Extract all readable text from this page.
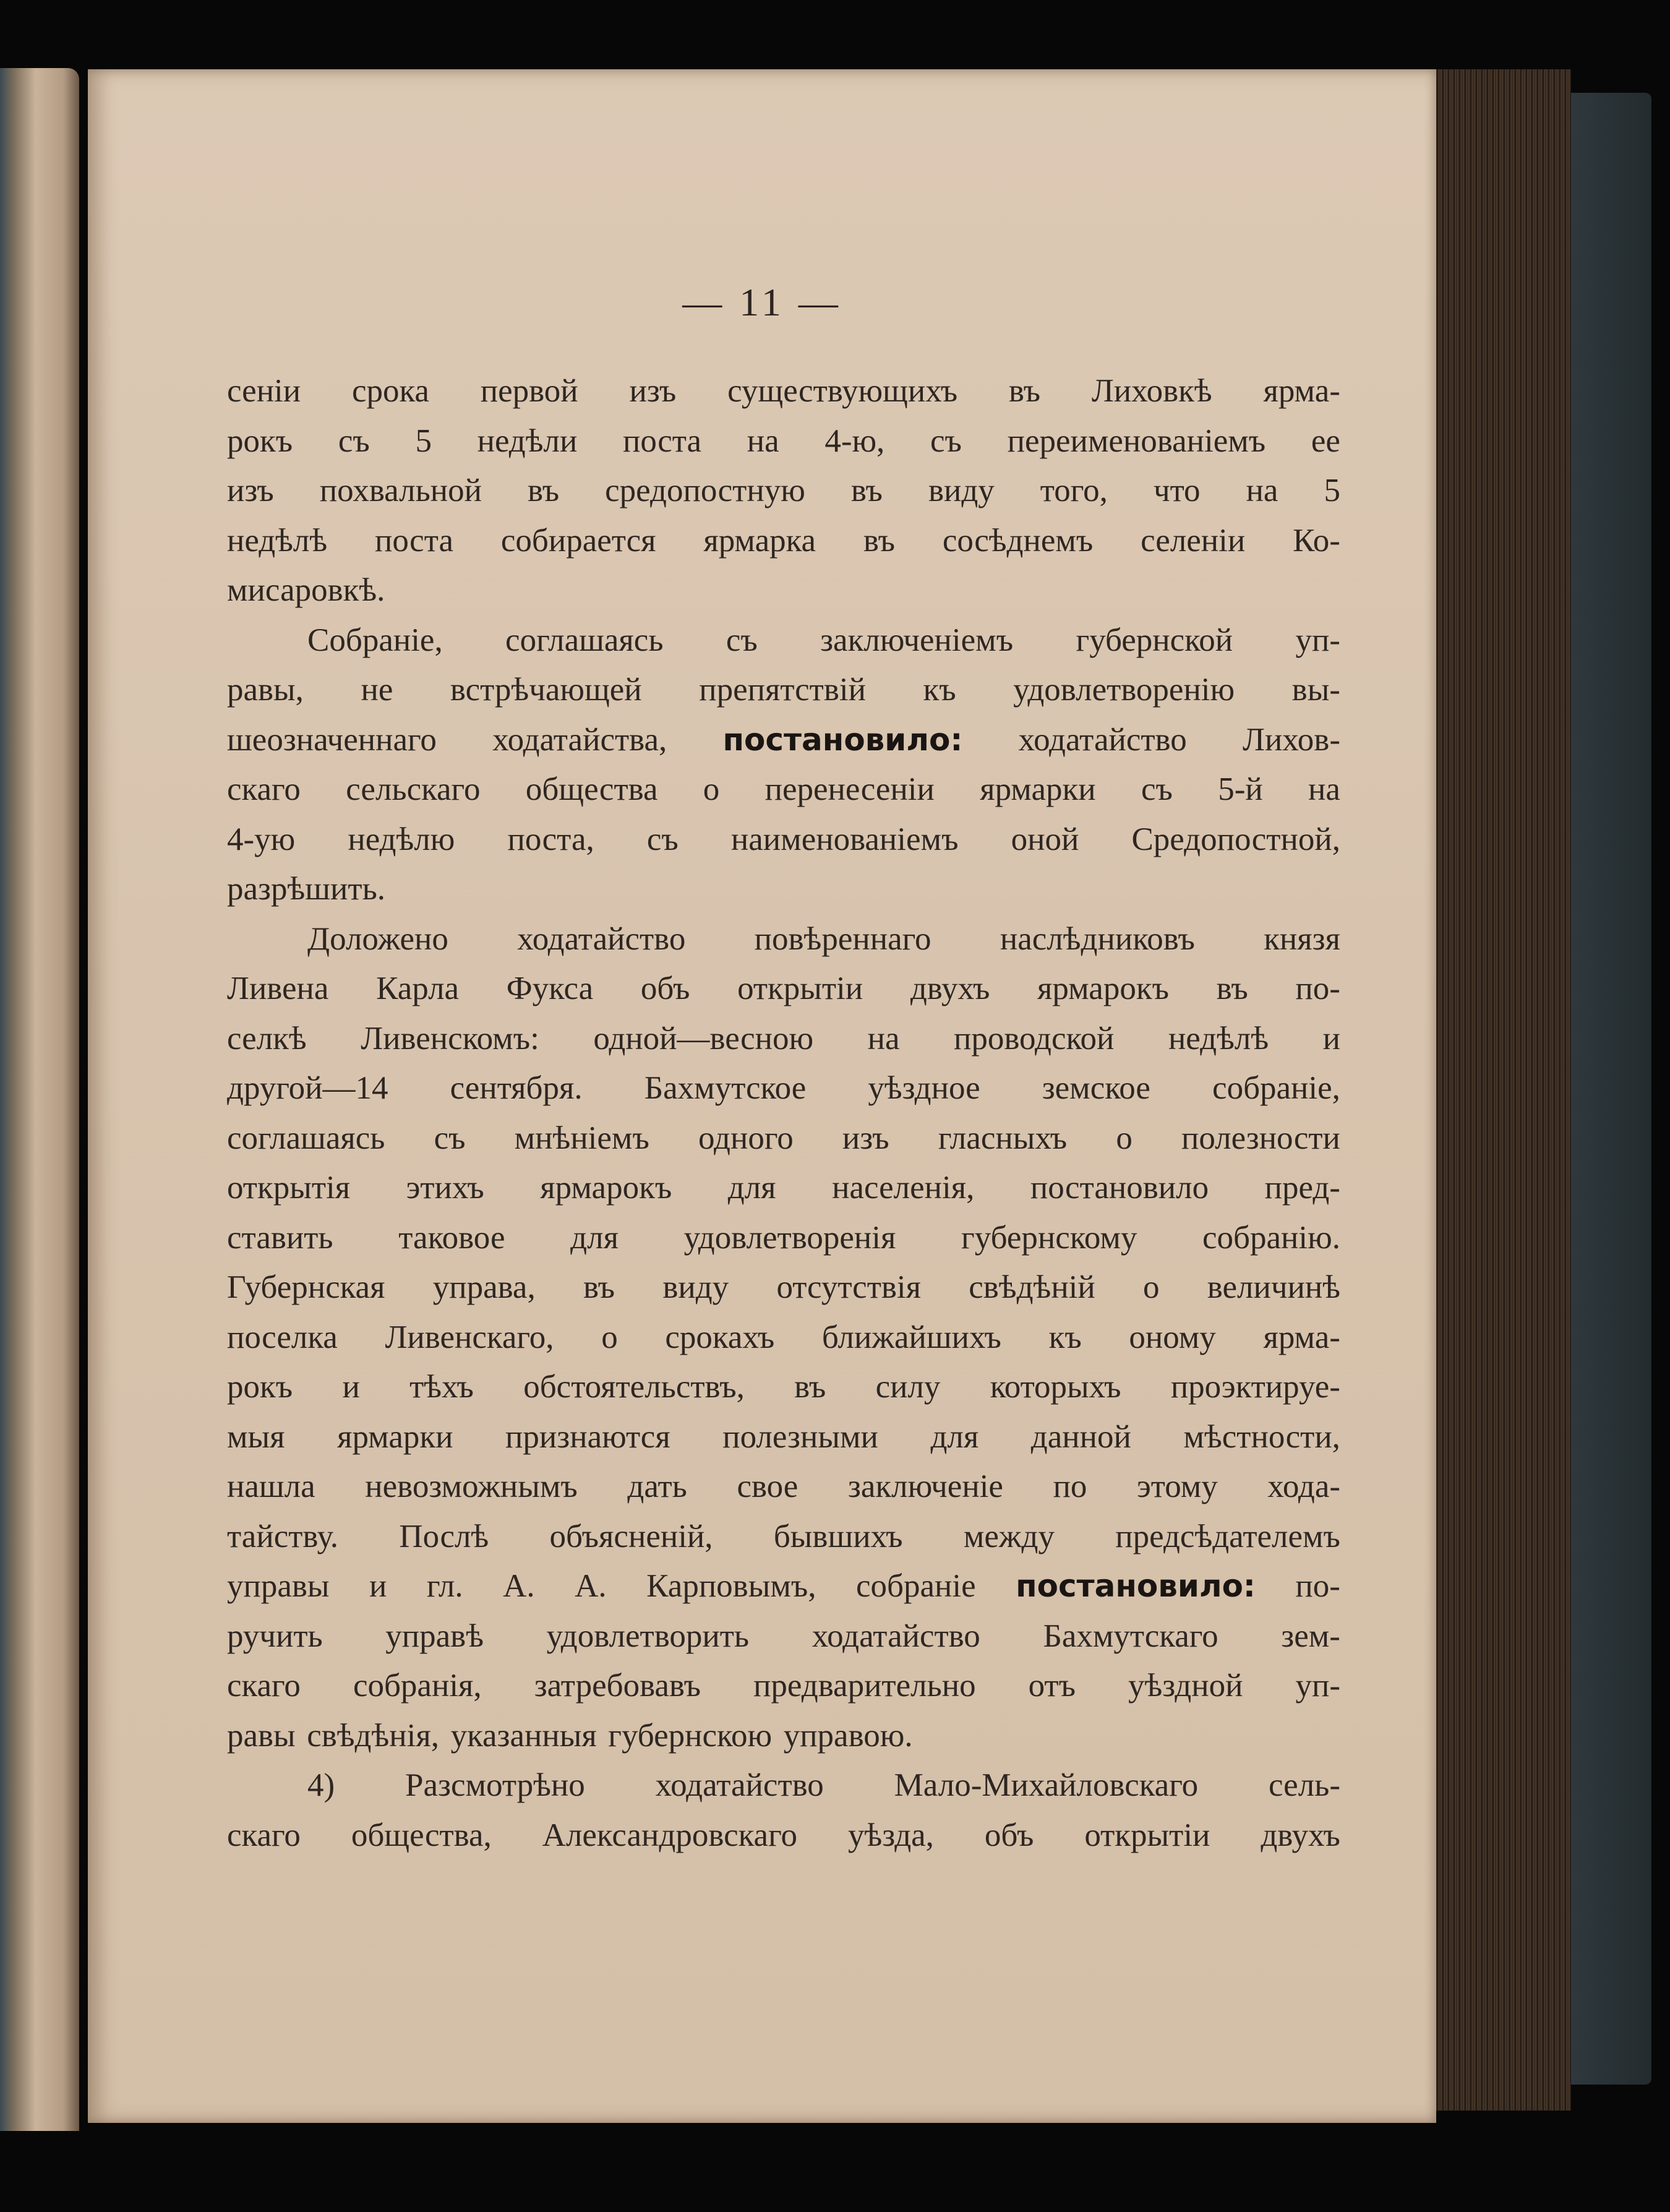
— 11 —
сеніи срока первой изъ существующихъ въ Лиховкѣ ярма-
рокъ съ 5 недѣли поста на 4-ю, съ переименованіемъ ее
изъ похвальной въ средопостную въ виду того, что на 5
недѣлѣ поста собирается ярмарка въ сосѣднемъ селеніи Ко-
мисаровкѣ.
Собраніе, соглашаясь съ заключеніемъ губернской уп-
равы, не встрѣчающей препятствій къ удовлетворенію вы-
шеозначеннаго ходатайства, постановило: ходатайство Лихов-
скаго сельскаго общества о перенесеніи ярмарки съ 5-й на
4-ую недѣлю поста, съ наименованіемъ оной Средопостной,
разрѣшить.
Доложено ходатайство повѣреннаго наслѣдниковъ князя
Ливена Карла Фукса объ открытіи двухъ ярмарокъ въ по-
селкѣ Ливенскомъ: одной—весною на проводской недѣлѣ и
другой—14 сентября. Бахмутское уѣздное земское собраніе,
соглашаясь съ мнѣніемъ одного изъ гласныхъ о полезности
открытія этихъ ярмарокъ для населенія, постановило пред-
ставить таковое для удовлетворенія губернскому собранію.
Губернская управа, въ виду отсутствія свѣдѣній о величинѣ
поселка Ливенскаго, о срокахъ ближайшихъ къ оному ярма-
рокъ и тѣхъ обстоятельствъ, въ силу которыхъ проэктируе-
мыя ярмарки признаются полезными для данной мѣстности,
нашла невозможнымъ дать свое заключеніе по этому хода-
тайству. Послѣ объясненій, бывшихъ между предсѣдателемъ
управы и гл. А. А. Карповымъ, собраніе постановило: по-
ручить управѣ удовлетворить ходатайство Бахмутскаго зем-
скаго собранія, затребовавъ предварительно отъ уѣздной уп-
равы свѣдѣнія, указанныя губернскою управою.
4) Разсмотрѣно ходатайство Мало-Михайловскаго сель-
скаго общества, Александровскаго уѣзда, объ открытіи двухъ
